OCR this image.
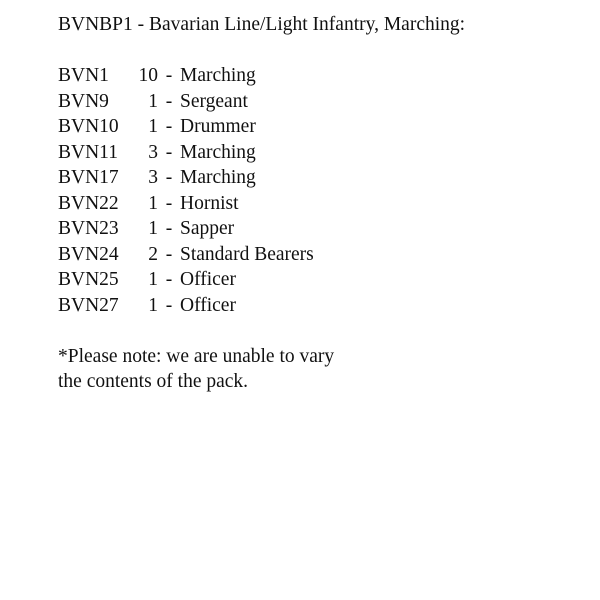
BVNBP1 - Bavarian Line/Light Infantry, Marching:
BVN1	10 - Marching
BVN9	1 - Sergeant
BVN10	1 - Drummer
BVN11	3 - Marching
BVN17	3 - Marching
BVN22	1 - Hornist
BVN23	1 - Sapper
BVN24	2 - Standard Bearers
BVN25	1 - Officer
BVN27	1 - Officer
*Please note: we are unable to vary
the contents of the pack.
